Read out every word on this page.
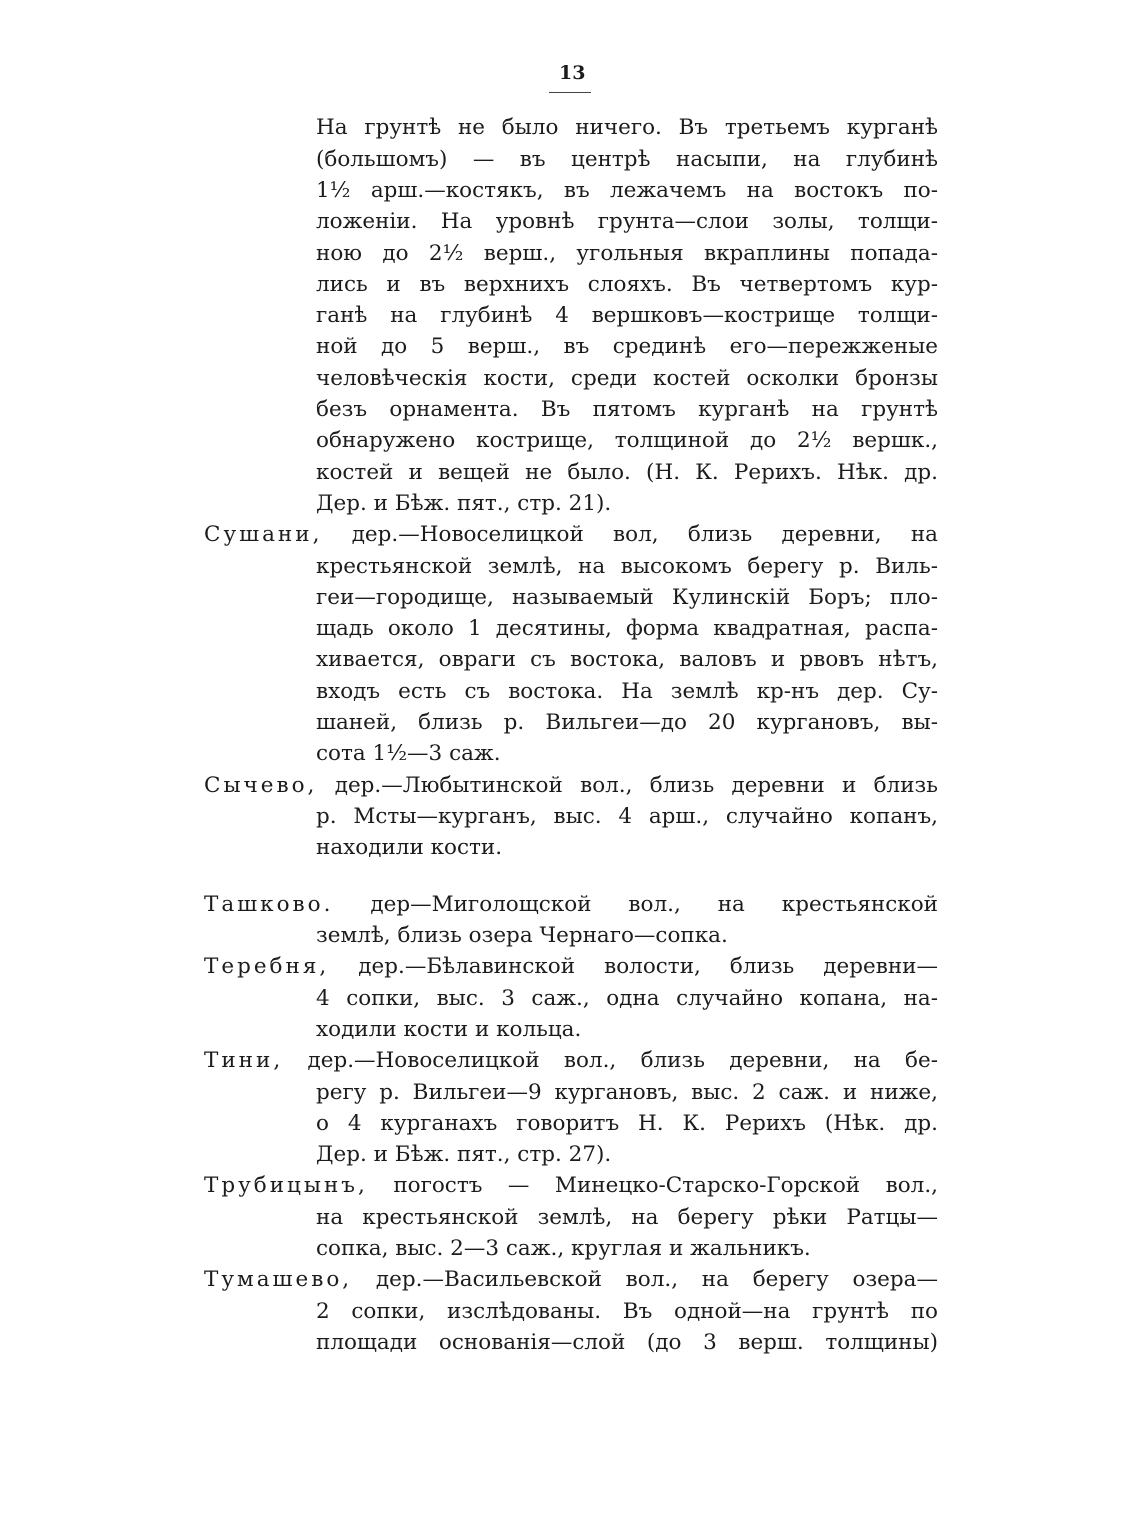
13
На грунтѣ не было ничего. Въ третьемъ курганѣ
(большомъ) — въ центрѣ насыпи, на глубинѣ
1½ арш.—костякъ, въ лежачемъ на востокъ по-
ложеніи. На уровнѣ грунта—слои золы, толщи-
ною до 2½ верш., угольныя вкраплины попада-
лись и въ верхнихъ слояхъ. Въ четвертомъ кур-
ганѣ на глубинѣ 4 вершковъ—кострище толщи-
ной до 5 верш., въ срединѣ его—пережженые
человѣческія кости, среди костей осколки бронзы
безъ орнамента. Въ пятомъ курганѣ на грунтѣ
обнаружено кострище, толщиной до 2½ вершк.,
костей и вещей не было. (Н. К. Рерихъ. Нѣк. др.
Дер. и Бѣж. пят., стр. 21).
Сушани, дер.—Новоселицкой вол, близь деревни, на
крестьянской землѣ, на высокомъ берегу р. Виль-
геи—городище, называемый Кулинскій Боръ; пло-
щадь около 1 десятины, форма квадратная, распа-
хивается, овраги съ востока, валовъ и рвовъ нѣтъ,
входъ есть съ востока. На землѣ кр-нъ дер. Су-
шаней, близь р. Вильгеи—до 20 кургановъ, вы-
сота 1½—3 саж.
Сычево, дер.—Любытинской вол., близь деревни и близь
р. Мсты—курганъ, выс. 4 арш., случайно копанъ,
находили кости.
Ташково. дер—Миголощской вол., на крестьянской
землѣ, близь озера Чернаго—сопка.
Теребня, дер.—Бѣлавинской волости, близь деревни—
4 сопки, выс. 3 саж., одна случайно копана, на-
ходили кости и кольца.
Тини, дер.—Новоселицкой вол., близь деревни, на бе-
регу р. Вильгеи—9 кургановъ, выс. 2 саж. и ниже,
о 4 курганахъ говоритъ Н. К. Рерихъ (Нѣк. др.
Дер. и Бѣж. пят., стр. 27).
Трубицынъ, погостъ — Минецко-Старско-Горской вол.,
на крестьянской землѣ, на берегу рѣки Ратцы—
сопка, выс. 2—3 саж., круглая и жальникъ.
Тумашево, дер.—Васильевской вол., на берегу озера—
2 сопки, изслѣдованы. Въ одной—на грунтѣ по
площади основанія—слой (до 3 верш. толщины)
